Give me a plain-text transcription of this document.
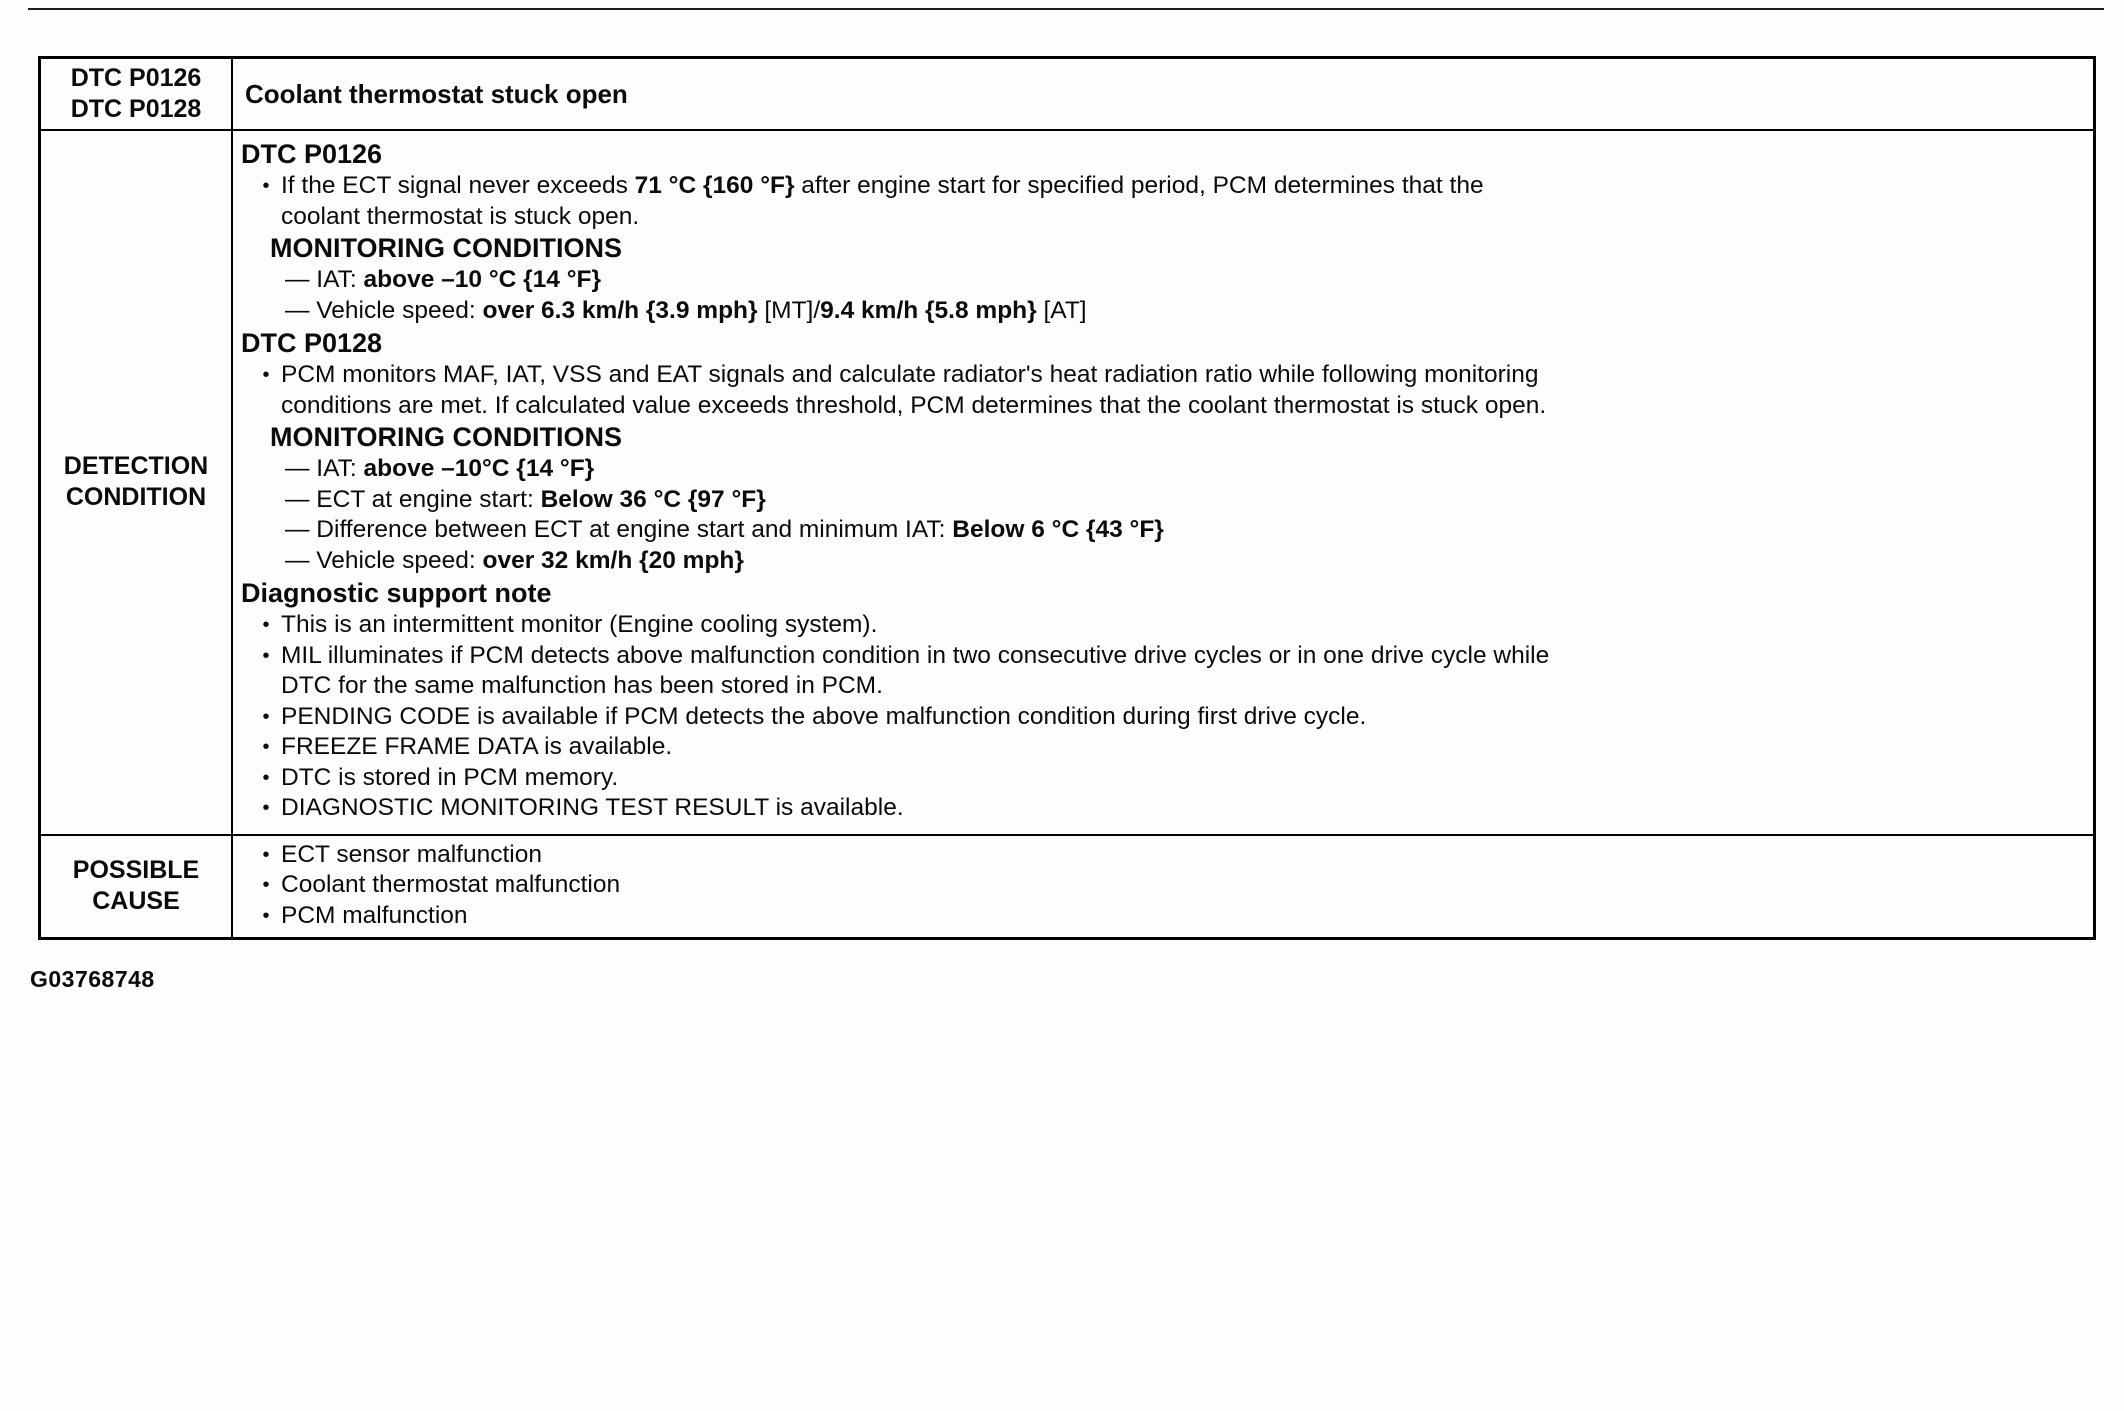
DTC P0126
DTC P0128
Coolant thermostat stuck open
DETECTION
CONDITION
DTC P0126
• If the ECT signal never exceeds 71 °C {160 °F} after engine start for specified period, PCM determines that the coolant thermostat is stuck open.
MONITORING CONDITIONS
— IAT: above –10 °C {14 °F}
— Vehicle speed: over 6.3 km/h {3.9 mph} [MT]/9.4 km/h {5.8 mph} [AT]
DTC P0128
• PCM monitors MAF, IAT, VSS and EAT signals and calculate radiator's heat radiation ratio while following monitoring conditions are met. If calculated value exceeds threshold, PCM determines that the coolant thermostat is stuck open.
MONITORING CONDITIONS
— IAT: above –10°C {14 °F}
— ECT at engine start: Below 36 °C {97 °F}
— Difference between ECT at engine start and minimum IAT: Below 6 °C {43 °F}
— Vehicle speed: over 32 km/h {20 mph}
Diagnostic support note
• This is an intermittent monitor (Engine cooling system).
• MIL illuminates if PCM detects above malfunction condition in two consecutive drive cycles or in one drive cycle while DTC for the same malfunction has been stored in PCM.
• PENDING CODE is available if PCM detects the above malfunction condition during first drive cycle.
• FREEZE FRAME DATA is available.
• DTC is stored in PCM memory.
• DIAGNOSTIC MONITORING TEST RESULT is available.
POSSIBLE
CAUSE
• ECT sensor malfunction
• Coolant thermostat malfunction
• PCM malfunction
G03768748
